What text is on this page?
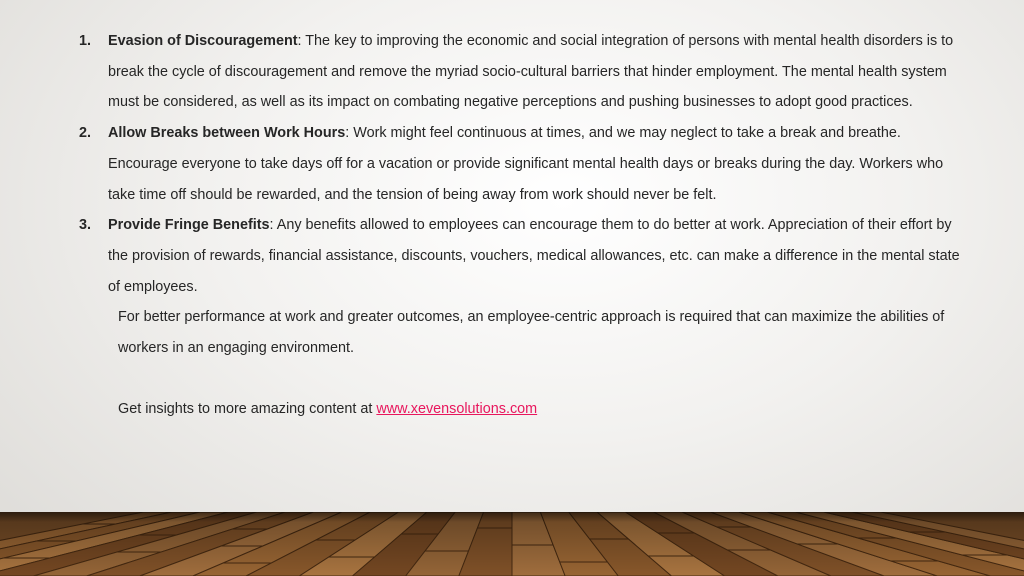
1. Evasion of Discouragement: The key to improving the economic and social integration of persons with mental health disorders is to break the cycle of discouragement and remove the myriad socio-cultural barriers that hinder employment. The mental health system must be considered, as well as its impact on combating negative perceptions and pushing businesses to adopt good practices.
2. Allow Breaks between Work Hours: Work might feel continuous at times, and we may neglect to take a break and breathe. Encourage everyone to take days off for a vacation or provide significant mental health days or breaks during the day. Workers who take time off should be rewarded, and the tension of being away from work should never be felt.
3. Provide Fringe Benefits: Any benefits allowed to employees can encourage them to do better at work. Appreciation of their effort by the provision of rewards, financial assistance, discounts, vouchers, medical allowances, etc. can make a difference in the mental state of employees.

For better performance at work and greater outcomes, an employee-centric approach is required that can maximize the abilities of workers in an engaging environment.

Get insights to more amazing content at www.xevensolutions.com
